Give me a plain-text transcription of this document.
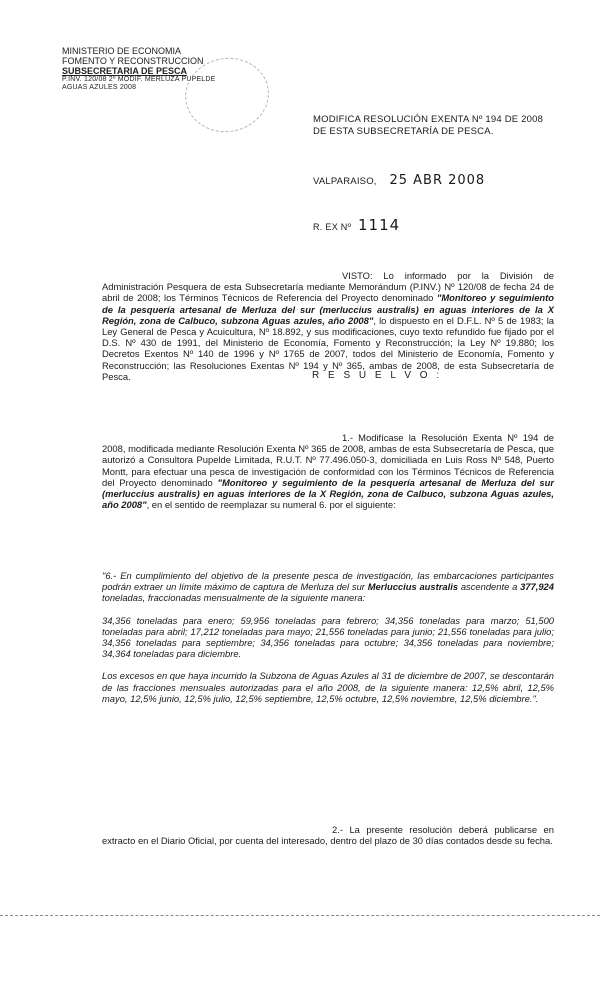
MINISTERIO DE ECONOMIA
FOMENTO Y RECONSTRUCCION
SUBSECRETARIA DE PESCA
P.INV. 120/08 2º MODIF. MERLUZA PUPELDE
AGUAS AZULES 2008
MODIFICA RESOLUCIÓN EXENTA Nº 194 DE 2008 DE ESTA SUBSECRETARÍA DE PESCA.
VALPARAISO, 25 ABR 2008
R. EX Nº 1114
VISTO: Lo informado por la División de Administración Pesquera de esta Subsecretaría mediante Memorándum (P.INV.) Nº 120/08 de fecha 24 de abril de 2008; los Términos Técnicos de Referencia del Proyecto denominado "Monitoreo y seguimiento de la pesquería artesanal de Merluza del sur (merluccius australis) en aguas interiores de la X Región, zona de Calbuco, subzona Aguas azules, año 2008", lo dispuesto en el D.F.L. Nº 5 de 1983; la Ley General de Pesca y Acuicultura, Nº 18.892, y sus modificaciones, cuyo texto refundido fue fijado por el D.S. Nº 430 de 1991, del Ministerio de Economía, Fomento y Reconstrucción; la Ley Nº 19.880; los Decretos Exentos Nº 140 de 1996 y Nº 1765 de 2007, todos del Ministerio de Economía, Fomento y Reconstrucción; las Resoluciones Exentas Nº 194 y Nº 365, ambas de 2008, de esta Subsecretaría de Pesca.	R E S U E L V O :
1.- Modifícase la Resolución Exenta Nº 194 de 2008, modificada mediante Resolución Exenta Nº 365 de 2008, ambas de esta Subsecretaría de Pesca, que autorizó a Consultora Pupelde Limitada, R.U.T. Nº 77.496.050-3, domiciliada en Luis Ross Nº 548, Puerto Montt, para efectuar una pesca de investigación de conformidad con los Términos Técnicos de Referencia del Proyecto denominado "Monitoreo y seguimiento de la pesquería artesanal de Merluza del sur (merluccius australis) en aguas interiores de la X Región, zona de Calbuco, subzona Aguas azules, año 2008", en el sentido de reemplazar su numeral 6. por el siguiente:

"6.- En cumplimiento del objetivo de la presente pesca de investigación, las embarcaciones participantes podrán extraer un límite máximo de captura de Merluza del sur Merluccius australis ascendente a 377,924 toneladas, fraccionadas mensualmente de la siguiente manera:

34,356 toneladas para enero; 59,956 toneladas para febrero; 34,356 toneladas para marzo; 51,500 toneladas para abril; 17,212 toneladas para mayo; 21,556 toneladas para junio; 21,556 toneladas para julio; 34,356 toneladas para septiembre; 34,356 toneladas para octubre; 34,356 toneladas para noviembre; 34,364 toneladas para diciembre.

Los excesos en que haya incurrido la Subzona de Aguas Azules al 31 de diciembre de 2007, se descontarán de las fracciones mensuales autorizadas para el año 2008, de la siguiente manera: 12,5% abril, 12,5% mayo, 12,5% junio, 12,5% julio, 12,5% septiembre, 12,5% octubre, 12,5% noviembre, 12,5% diciembre.".

2.- La presente resolución deberá publicarse en extracto en el Diario Oficial, por cuenta del interesado, dentro del plazo de 30 días contados desde su fecha.
